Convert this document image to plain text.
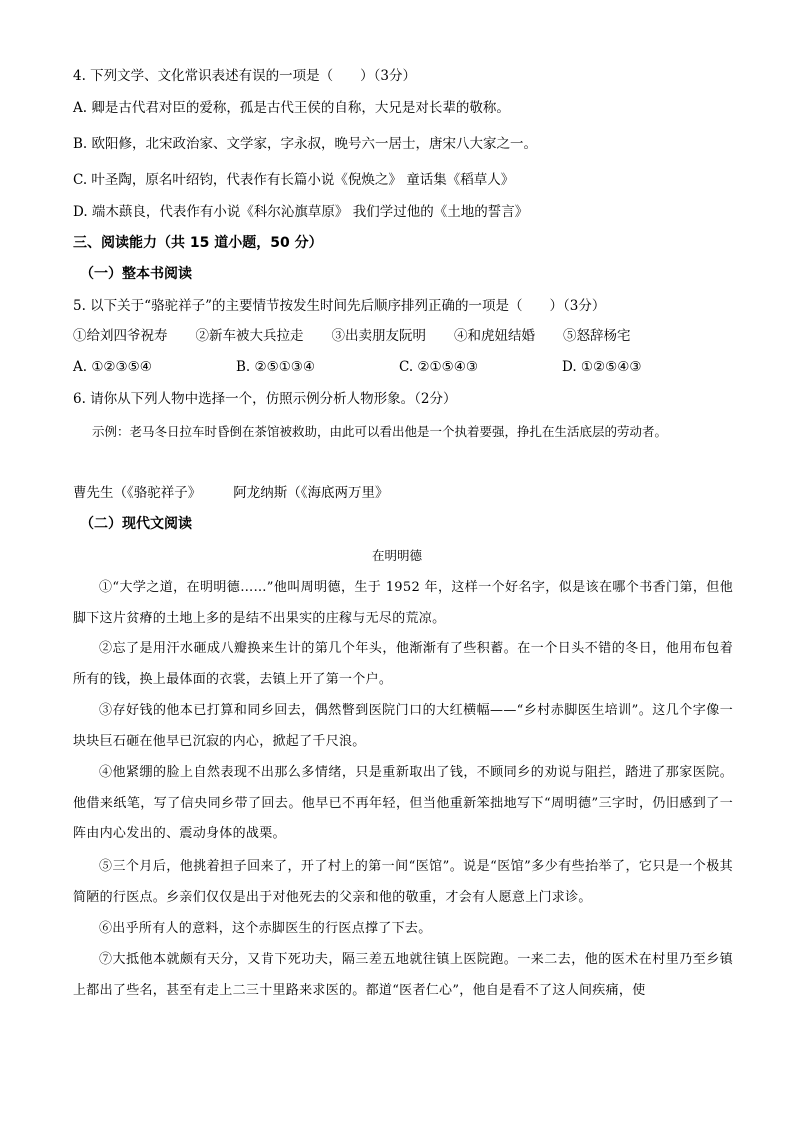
4. 下列文学、文化常识表述有误的一项是（　　）（3分）
A. 卿是古代君对臣的爱称，孤是古代王侯的自称，大兄是对长辈的敬称。
B. 欧阳修，北宋政治家、文学家，字永叔，晚号六一居士，唐宋八大家之一。
C. 叶圣陶，原名叶绍钧，代表作有长篇小说《倪焕之》 童话集《稻草人》
D. 端木蕻良，代表作有小说《科尔沁旗草原》 我们学过他的《土地的誓言》
三、阅读能力（共 15 道小题，50 分）
（一）整本书阅读
5. 以下关于“骆驼祥子”的主要情节按发生时间先后顺序排列正确的一项是（　　）（3分）
①给刘四爷祝寿 ②新车被大兵拉走 ③出卖朋友阮明 ④和虎妞结婚 ⑤怒辞杨宅
A. ①②③⑤④	B. ②⑤①③④	C. ②①⑤④③	D. ①②⑤④③
6. 请你从下列人物中选择一个，仿照示例分析人物形象。（2分）
示例：老马冬日拉车时昏倒在茶馆被救助，由此可以看出他是一个执着要强，挣扎在生活底层的劳动者。
曹先生（《骆驼祥子》 阿龙纳斯（《海底两万里》
（二）现代文阅读
在明明德
①“大学之道，在明明德……”他叫周明德，生于 1952 年，这样一个好名字，似是该在哪个书香门第，但他脚下这片贫瘠的土地上多的是结不出果实的庄稼与无尽的荒凉。
②忘了是用汗水砸成八瓣换来生计的第几个年头，他渐渐有了些积蓄。在一个日头不错的冬日，他用布包着所有的钱，换上最体面的衣裳，去镇上开了第一个户。
③存好钱的他本已打算和同乡回去，偶然瞥到医院门口的大红横幅——“乡村赤脚医生培训”。这几个字像一块块巨石砸在他早已沉寂的内心，掀起了千尺浪。
④他紧绷的脸上自然表现不出那么多情绪，只是重新取出了钱，不顾同乡的劝说与阻拦，踏进了那家医院。他借来纸笔，写了信央同乡带了回去。他早已不再年轻，但当他重新笨拙地写下“周明德”三字时，仍旧感到了一阵由内心发出的、震动身体的战栗。
⑤三个月后，他挑着担子回来了，开了村上的第一间“医馆”。说是“医馆”多少有些抬举了，它只是一个极其简陋的行医点。乡亲们仅仅是出于对他死去的父亲和他的敬重，才会有人愿意上门求诊。
⑥出乎所有人的意料，这个赤脚医生的行医点撑了下去。
⑦大抵他本就颇有天分，又肯下死功夫，隔三差五地就往镇上医院跑。一来二去，他的医术在村里乃至乡镇上都出了些名，甚至有走上二三十里路来求医的。都道“医者仁心”，他自是看不了这人间疾痛，使
